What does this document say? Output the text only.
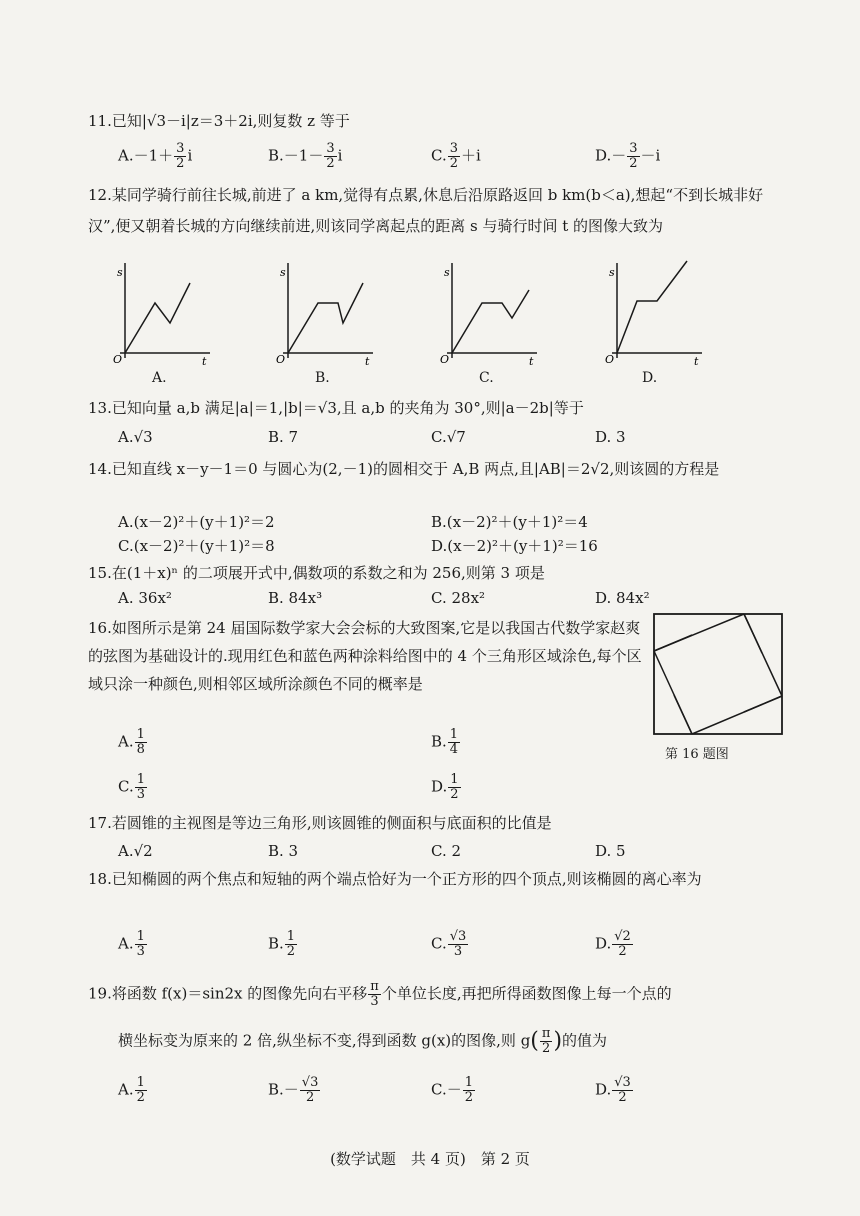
11.已知|√3－i|z＝3＋2i,则复数 z 等于
$A.-1+ \frac{3}{2}$ i	$B.-1- \frac{3}{2}$ i	C. $\frac{3}{2} +i$	$D.- \frac{3}{2} -i$
12.某同学骑行前往长城,前进了 a km,觉得有点累,休息后沿原路返回 b km(b＜a),想起“不到长城非好汉”,便又朝着长城的方向继续前进,则该同学离起点的距离 s 与骑行时间 t 的图像大致为
s
O	t
s
O	t
s
O	t
s
O	t
A.	B.	C.	D.
13.已知向量 a,b 满足|a|＝1,|b|＝√3,且 a,b 的夹角为 30°,则|a－2b|等于
A.√3	B. 7	C.√7	D. 3
14.已知直线 x－y－1＝0 与圆心为(2,－1)的圆相交于 A,B 两点,且|AB|＝2√2,则该圆的方程是
A.(x－2)²＋(y＋1)²＝2	B.(x－2)²＋(y＋1)²＝4
C.(x－2)²＋(y＋1)²＝8	D.(x－2)²＋(y＋1)²＝16
15.在(1＋x)ⁿ 的二项展开式中,偶数项的系数之和为 256,则第 3 项是
A. 36x²	B. 84x³	C. 28x²	D. 84x²
16.如图所示是第 24 届国际数学家大会会标的大致图案,它是以我国古代数学家赵爽的弦图为基础设计的.现用红色和蓝色两种涂料给图中的 4 个三角形区域涂色,每个区域只涂一种颜色,则相邻区域所涂颜色不同的概率是
第 16 题图
A. $\frac{1}{8}$	B. $\frac{1}{4}$
C. $\frac{1}{3}$	D. $\frac{1}{2}$
17.若圆锥的主视图是等边三角形,则该圆锥的侧面积与底面积的比值是
A.√2	B. 3	C. 2	D. 5
18.已知椭圆的两个焦点和短轴的两个端点恰好为一个正方形的四个顶点,则该椭圆的离心率为
A. $\frac{1}{3}$	B. $\frac{1}{2}$	C. $\frac{√3}{3}$	D. $\frac{√2}{2}$
19.将函数 f(x)＝sin2x 的图像先向右平移 $\frac{\pi}{3}$ 个单位长度,再把所得函数图像上每一个点的
横坐标变为原来的 2 倍,纵坐标不变,得到函数 g(x)的图像,则 $g( \frac{\pi}{2}$ )的值为
A. $\frac{1}{2}$	$B.- \frac{√3}{2}$	$C.- \frac{1}{2}$	D. $\frac{√3}{2}$
(数学试题　共 4 页)　第 2 页
